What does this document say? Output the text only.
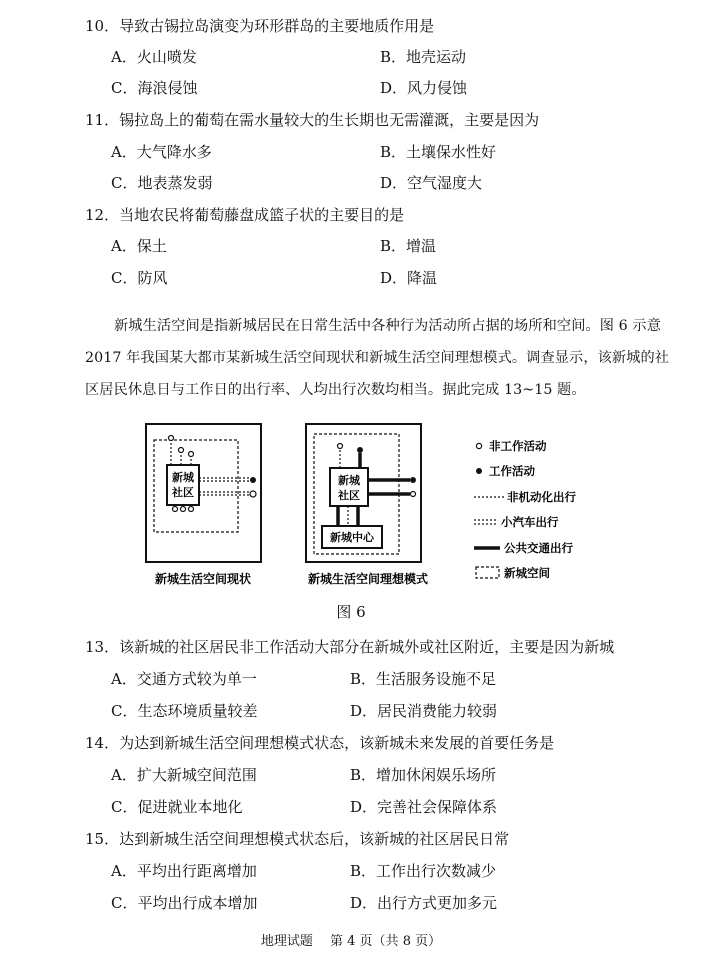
10．导致古锡拉岛演变为环形群岛的主要地质作用是
A．火山喷发	B．地壳运动
C．海浪侵蚀	D．风力侵蚀
11．锡拉岛上的葡萄在需水量较大的生长期也无需灌溉，主要是因为
A．大气降水多	B．土壤保水性好
C．地表蒸发弱	D．空气湿度大
12．当地农民将葡萄藤盘成篮子状的主要目的是
A．保土	B．增温
C．防风	D．降温
新城生活空间是指新城居民在日常生活中各种行为活动所占据的场所和空间。图 6 示意
2017 年我国某大都市某新城生活空间现状和新城生活空间理想模式。调查显示，该新城的社
区居民休息日与工作日的出行率、人均出行次数均相当。据此完成 13~15 题。
新城
社区
新城生活空间现状
新城
社区
新城中心
新城生活空间理想模式
非工作活动
工作活动
非机动化出行
小汽车出行
公共交通出行
新城空间
图 6
13．该新城的社区居民非工作活动大部分在新城外或社区附近，主要是因为新城
A．交通方式较为单一	B．生活服务设施不足
C．生态环境质量较差	D．居民消费能力较弱
14．为达到新城生活空间理想模式状态，该新城未来发展的首要任务是
A．扩大新城空间范围	B．增加休闲娱乐场所
C．促进就业本地化	D．完善社会保障体系
15．达到新城生活空间理想模式状态后，该新城的社区居民日常
A．平均出行距离增加	B．工作出行次数减少
C．平均出行成本增加	D．出行方式更加多元
地理试题　 第 4 页（共 8 页）
